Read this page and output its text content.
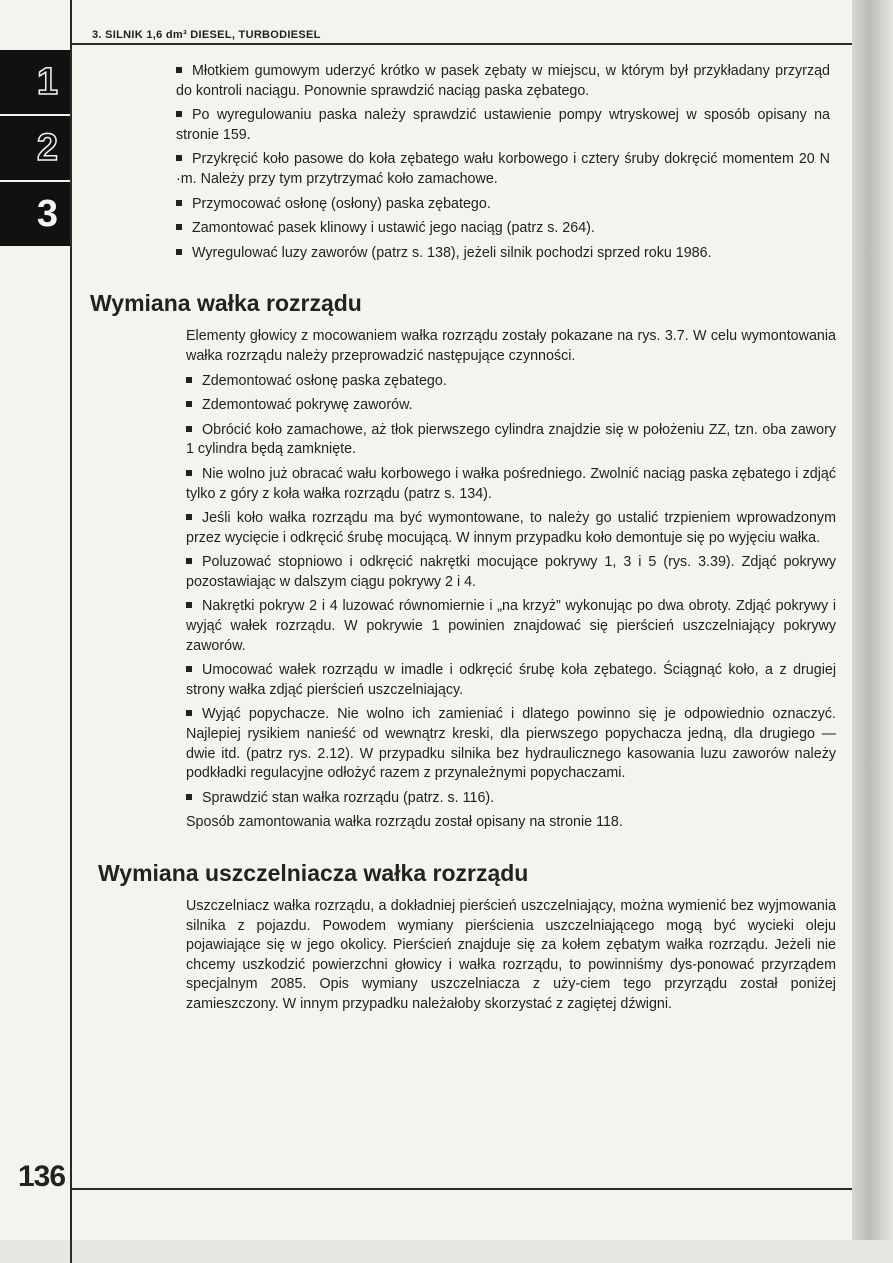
3. SILNIK 1,6 dm³ DIESEL, TURBODIESEL
1
2
3
136

Młotkiem gumowym uderzyć krótko w pasek zębaty w miejscu, w którym był przykładany przyrząd do kontroli naciągu. Ponownie sprawdzić naciąg paska zębatego.

Po wyregulowaniu paska należy sprawdzić ustawienie pompy wtryskowej w sposób opisany na stronie 159.

Przykręcić koło pasowe do koła zębatego wału korbowego i cztery śruby dokręcić momentem 20 N ·m. Należy przy tym przytrzymać koło zamachowe.

Przymocować osłonę (osłony) paska zębatego.

Zamontować pasek klinowy i ustawić jego naciąg (patrz s. 264).

Wyregulować luzy zaworów (patrz s. 138), jeżeli silnik pochodzi sprzed roku 1986.

Wymiana wałka rozrządu

Elementy głowicy z mocowaniem wałka rozrządu zostały pokazane na rys. 3.7. W celu wymontowania wałka rozrządu należy przeprowadzić następujące czynności.

Zdemontować osłonę paska zębatego.

Zdemontować pokrywę zaworów.

Obrócić koło zamachowe, aż tłok pierwszego cylindra znajdzie się w położeniu ZZ, tzn. oba zawory 1 cylindra będą zamknięte.

Nie wolno już obracać wału korbowego i wałka pośredniego. Zwolnić naciąg paska zębatego i zdjąć tylko z góry z koła wałka rozrządu (patrz s. 134).

Jeśli koło wałka rozrządu ma być wymontowane, to należy go ustalić trzpieniem wprowadzonym przez wycięcie i odkręcić śrubę mocującą. W innym przypadku koło demontuje się po wyjęciu wałka.

Poluzować stopniowo i odkręcić nakrętki mocujące pokrywy 1, 3 i 5 (rys. 3.39). Zdjąć pokrywy pozostawiając w dalszym ciągu pokrywy 2 i 4.

Nakrętki pokryw 2 i 4 luzować równomiernie i „na krzyż” wykonując po dwa obroty. Zdjąć pokrywy i wyjąć wałek rozrządu. W pokrywie 1 powinien znajdować się pierścień uszczelniający pokrywy zaworów.

Umocować wałek rozrządu w imadle i odkręcić śrubę koła zębatego. Ściągnąć koło, a z drugiej strony wałka zdjąć pierścień uszczelniający.

Wyjąć popychacze. Nie wolno ich zamieniać i dlatego powinno się je odpowiednio oznaczyć. Najlepiej rysikiem nanieść od wewnątrz kreski, dla pierwszego popychacza jedną, dla drugiego — dwie itd. (patrz rys. 2.12). W przypadku silnika bez hydraulicznego kasowania luzu zaworów należy podkładki regulacyjne odłożyć razem z przynależnymi popychaczami.

Sprawdzić stan wałka rozrządu (patrz. s. 116).

Sposób zamontowania wałka rozrządu został opisany na stronie 118.

Wymiana uszczelniacza wałka rozrządu

Uszczelniacz wałka rozrządu, a dokładniej pierścień uszczelniający, można wymienić bez wyjmowania silnika z pojazdu. Powodem wymiany pierścienia uszczelniającego mogą być wycieki oleju pojawiające się w jego okolicy. Pierścień znajduje się za kołem zębatym wałka rozrządu. Jeżeli nie chcemy uszkodzić powierzchni głowicy i wałka rozrządu, to powinniśmy dys-ponować przyrządem specjalnym 2085. Opis wymiany uszczelniacza z uży-ciem tego przyrządu został poniżej zamieszczony. W innym przypadku należałoby skorzystać z zagiętej dźwigni.
